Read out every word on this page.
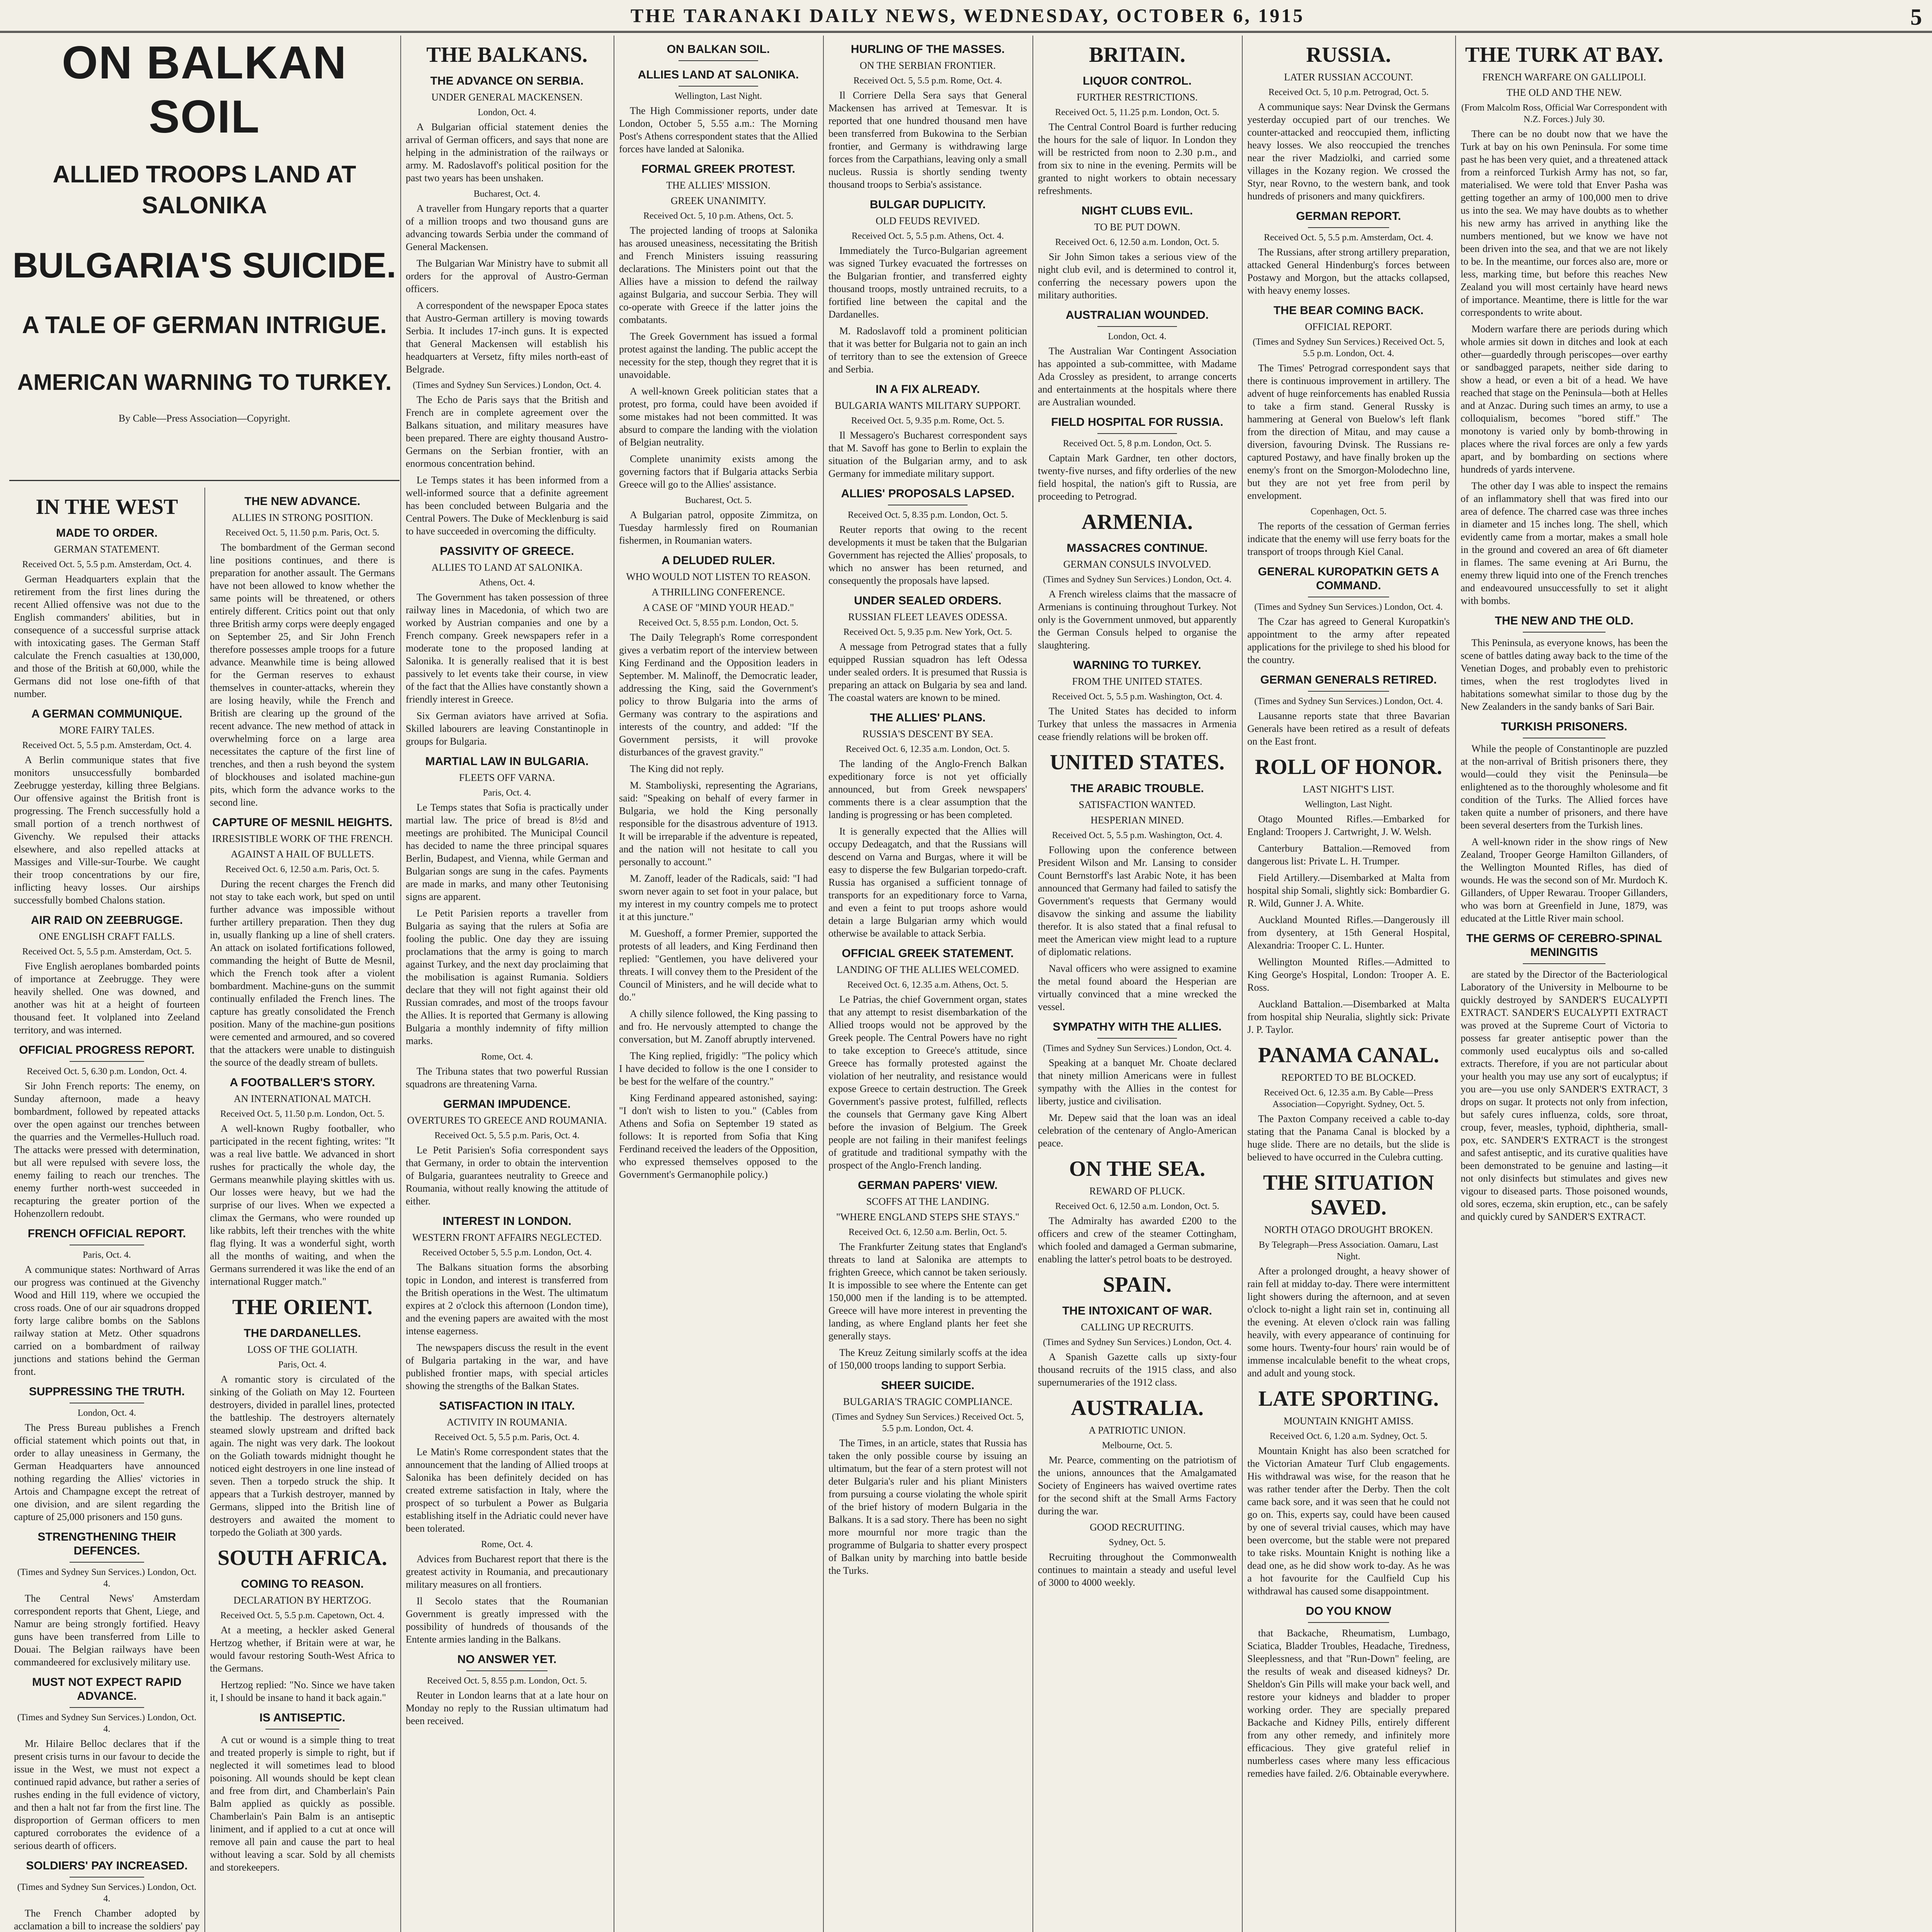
THE TARANAKI DAILY NEWS, WEDNESDAY, OCTOBER 6, 1915	5
ON BALKAN SOIL
ALLIED TROOPS LAND AT SALONIKA
BULGARIA'S SUICIDE.
A TALE OF GERMAN INTRIGUE.
AMERICAN WARNING TO TURKEY.
By Cable—Press Association—Copyright.
IN THE WEST
MADE TO ORDER.
GERMAN STATEMENT.
Received Oct. 5, 5.5 p.m. Amsterdam, Oct. 4.

German Headquarters explain that the retirement from the first lines during the recent Allied offensive was not due to the English commanders' abilities, but in consequence of a successful surprise attack with intoxicating gases. The German Staff calculate the French casualties at 130,000, and those of the British at 60,000, while the Germans did not lose one-fifth of that number.

A GERMAN COMMUNIQUE.
MORE FAIRY TALES.
Received Oct. 5, 5.5 p.m. Amsterdam, Oct. 4.

A Berlin communique states that five monitors unsuccessfully bombarded Zeebrugge yesterday, killing three Belgians. Our offensive against the British front is progressing. The French successfully hold a small portion of a trench northwest of Givenchy. We repulsed their attacks elsewhere, and also repelled attacks at Massiges and Ville-sur-Tourbe. We caught their troop concentrations by our fire, inflicting heavy losses. Our airships successfully bombed Chalons station.

AIR RAID ON ZEEBRUGGE.
ONE ENGLISH CRAFT FALLS.
Received Oct. 5, 5.5 p.m. Amsterdam, Oct. 5.

Five English aeroplanes bombarded points of importance at Zeebrugge. They were heavily shelled. One was downed, and another was hit at a height of fourteen thousand feet. It volplaned into Zeeland territory, and was interned.

OFFICIAL PROGRESS REPORT.
Received Oct. 5, 6.30 p.m. London, Oct. 4.

Sir John French reports: The enemy, on Sunday afternoon, made a heavy bombardment, followed by repeated attacks over the open against our trenches between the quarries and the Vermelles-Hulluch road. The attacks were pressed with determination, but all were repulsed with severe loss, the enemy failing to reach our trenches. The enemy further north-west succeeded in recapturing the greater portion of the Hohenzollern redoubt.

FRENCH OFFICIAL REPORT.
Paris, Oct. 4.

A communique states: Northward of Arras our progress was continued at the Givenchy Wood and Hill 119, where we occupied the cross roads. One of our air squadrons dropped forty large calibre bombs on the Sablons railway station at Metz. Other squadrons carried on a bombardment of railway junctions and stations behind the German front.

SUPPRESSING THE TRUTH.
London, Oct. 4.

The Press Bureau publishes a French official statement which points out that, in order to allay uneasiness in Germany, the German Headquarters have announced nothing regarding the Allies' victories in Artois and Champagne except the retreat of one division, and are silent regarding the capture of 25,000 prisoners and 150 guns.

STRENGTHENING THEIR DEFENCES.
(Times and Sydney Sun Services.) London, Oct. 4.

The Central News' Amsterdam correspondent reports that Ghent, Liege, and Namur are being strongly fortified. Heavy guns have been transferred from Lille to Douai. The Belgian railways have been commandeered for exclusively military use.

MUST NOT EXPECT RAPID ADVANCE.
(Times and Sydney Sun Services.) London, Oct. 4.

Mr. Hilaire Belloc declares that if the present crisis turns in our favour to decide the issue in the West, we must not expect a continued rapid advance, but rather a series of rushes ending in the full evidence of victory, and then a halt not far from the first line. The disproportion of German officers to men captured corroborates the evidence of a serious dearth of officers.

SOLDIERS' PAY INCREASED.
(Times and Sydney Sun Services.) London, Oct. 4.

The French Chamber adopted by acclamation a bill to increase the soldiers' pay

THE NEW ADVANCE.
ALLIES IN STRONG POSITION.
Received Oct. 5, 11.50 p.m. Paris, Oct. 5.

The bombardment of the German second line positions continues, and there is preparation for another assault. The Germans have not been allowed to know whether the same points will be threatened, or others entirely different. Critics point out that only three British army corps were deeply engaged on September 25, and Sir John French therefore possesses ample troops for a future advance. Meanwhile time is being allowed for the German reserves to exhaust themselves in counter-attacks, wherein they are losing heavily, while the French and British are clearing up the ground of the recent advance. The new method of attack in overwhelming force on a large area necessitates the capture of the first line of trenches, and then a rush beyond the system of blockhouses and isolated machine-gun pits, which form the advance works to the second line.

CAPTURE OF MESNIL HEIGHTS.
IRRESISTIBLE WORK OF THE FRENCH.
AGAINST A HAIL OF BULLETS.
Received Oct. 6, 12.50 a.m. Paris, Oct. 5.

During the recent charges the French did not stay to take each work, but sped on until further advance was impossible without further artillery preparation. Then they dug in, usually flanking up a line of shell craters. An attack on isolated fortifications followed, commanding the height of Butte de Mesnil, which the French took after a violent bombardment. Machine-guns on the summit continually enfiladed the French lines. The capture has greatly consolidated the French position. Many of the machine-gun positions were cemented and armoured, and so covered that the attackers were unable to distinguish the source of the deadly stream of bullets.

A FOOTBALLER'S STORY.
AN INTERNATIONAL MATCH.
Received Oct. 5, 11.50 p.m. London, Oct. 5.

A well-known Rugby footballer, who participated in the recent fighting, writes: "It was a real live battle. We advanced in short rushes for practically the whole day, the Germans meanwhile playing skittles with us. Our losses were heavy, but we had the surprise of our lives. When we expected a climax the Germans, who were rounded up like rabbits, left their trenches with the white flag flying. It was a wonderful sight, worth all the months of waiting, and when the Germans surrendered it was like the end of an international Rugger match."

THE ORIENT.
THE DARDANELLES.
LOSS OF THE GOLIATH.
Paris, Oct. 4.

A romantic story is circulated of the sinking of the Goliath on May 12. Fourteen destroyers, divided in parallel lines, protected the battleship. The destroyers alternately steamed slowly upstream and drifted back again. The night was very dark. The lookout on the Goliath towards midnight thought he noticed eight destroyers in one line instead of seven. Then a torpedo struck the ship. It appears that a Turkish destroyer, manned by Germans, slipped into the British line of destroyers and awaited the moment to torpedo the Goliath at 300 yards.

SOUTH AFRICA.
COMING TO REASON.
DECLARATION BY HERTZOG.
Received Oct. 5, 5.5 p.m. Capetown, Oct. 4.

At a meeting, a heckler asked General Hertzog whether, if Britain were at war, he would favour restoring South-West Africa to the Germans.

Hertzog replied: "No. Since we have taken it, I should be insane to hand it back again."

IS ANTISEPTIC.

A cut or wound is a simple thing to treat and treated properly is simple to right, but if neglected it will sometimes lead to blood poisoning. All wounds should be kept clean and free from dirt, and Chamberlain's Pain Balm applied as quickly as possible. Chamberlain's Pain Balm is an antiseptic liniment, and if applied to a cut at once will remove all pain and cause the part to heal without leaving a scar. Sold by all chemists and storekeepers.

THE BALKANS.
THE ADVANCE ON SERBIA.
UNDER GENERAL MACKENSEN.
London, Oct. 4.

A Bulgarian official statement denies the arrival of German officers, and says that none are helping in the administration of the railways or army. M. Radoslavoff's political position for the past two years has been unshaken.

Bucharest, Oct. 4.

A traveller from Hungary reports that a quarter of a million troops and two thousand guns are advancing towards Serbia under the command of General Mackensen.

The Bulgarian War Ministry have to submit all orders for the approval of Austro-German officers.

A correspondent of the newspaper Epoca states that Austro-German artillery is moving towards Serbia. It includes 17-inch guns. It is expected that General Mackensen will establish his headquarters at Versetz, fifty miles north-east of Belgrade.

(Times and Sydney Sun Services.) London, Oct. 4.

The Echo de Paris says that the British and French are in complete agreement over the Balkans situation, and military measures have been prepared. There are eighty thousand Austro-Germans on the Serbian frontier, with an enormous concentration behind.

Le Temps states it has been informed from a well-informed source that a definite agreement has been concluded between Bulgaria and the Central Powers. The Duke of Mecklenburg is said to have succeeded in overcoming the difficulty.

PASSIVITY OF GREECE.
ALLIES TO LAND AT SALONIKA.
Athens, Oct. 4.

The Government has taken possession of three railway lines in Macedonia, of which two are worked by Austrian companies and one by a French company. Greek newspapers refer in a moderate tone to the proposed landing at Salonika. It is generally realised that it is best passively to let events take their course, in view of the fact that the Allies have constantly shown a friendly interest in Greece.

Six German aviators have arrived at Sofia. Skilled labourers are leaving Constantinople in groups for Bulgaria.

MARTIAL LAW IN BULGARIA.
FLEETS OFF VARNA.
Paris, Oct. 4.

Le Temps states that Sofia is practically under martial law. The price of bread is 8½d and meetings are prohibited. The Municipal Council has decided to name the three principal squares Berlin, Budapest, and Vienna, while German and Bulgarian songs are sung in the cafes. Payments are made in marks, and many other Teutonising signs are apparent.

Le Petit Parisien reports a traveller from Bulgaria as saying that the rulers at Sofia are fooling the public. One day they are issuing proclamations that the army is going to march against Turkey, and the next day proclaiming that the mobilisation is against Rumania. Soldiers declare that they will not fight against their old Russian comrades, and most of the troops favour the Allies. It is reported that Germany is allowing Bulgaria a monthly indemnity of fifty million marks.

Rome, Oct. 4.

The Tribuna states that two powerful Russian squadrons are threatening Varna.

GERMAN IMPUDENCE.
OVERTURES TO GREECE AND ROUMANIA.
Received Oct. 5, 5.5 p.m. Paris, Oct. 4.

Le Petit Parisien's Sofia correspondent says that Germany, in order to obtain the intervention of Bulgaria, guarantees neutrality to Greece and Roumania, without really knowing the attitude of either.

INTEREST IN LONDON.
WESTERN FRONT AFFAIRS NEGLECTED.
Received October 5, 5.5 p.m. London, Oct. 4.

The Balkans situation forms the absorbing topic in London, and interest is transferred from the British operations in the West. The ultimatum expires at 2 o'clock this afternoon (London time), and the evening papers are awaited with the most intense eagerness.

The newspapers discuss the result in the event of Bulgaria partaking in the war, and have published frontier maps, with special articles showing the strengths of the Balkan States.

SATISFACTION IN ITALY.
ACTIVITY IN ROUMANIA.
Received Oct. 5, 5.5 p.m. Paris, Oct. 4.

Le Matin's Rome correspondent states that the announcement that the landing of Allied troops at Salonika has been definitely decided on has created extreme satisfaction in Italy, where the prospect of so turbulent a Power as Bulgaria establishing itself in the Adriatic could never have been tolerated.

Rome, Oct. 4.

Advices from Bucharest report that there is the greatest activity in Roumania, and precautionary military measures on all frontiers.

Il Secolo states that the Roumanian Government is greatly impressed with the possibility of hundreds of thousands of the Entente armies landing in the Balkans.

NO ANSWER YET.
Received Oct. 5, 8.55 p.m. London, Oct. 5.

Reuter in London learns that at a late hour on Monday no reply to the Russian ultimatum had been received.

ON BALKAN SOIL.
ALLIES LAND AT SALONIKA.
Wellington, Last Night.

The High Commissioner reports, under date London, October 5, 5.55 a.m.: The Morning Post's Athens correspondent states that the Allied forces have landed at Salonika.

FORMAL GREEK PROTEST.
THE ALLIES' MISSION.
GREEK UNANIMITY.
Received Oct. 5, 10 p.m. Athens, Oct. 5.

The projected landing of troops at Salonika has aroused uneasiness, necessitating the British and French Ministers issuing reassuring declarations. The Ministers point out that the Allies have a mission to defend the railway against Bulgaria, and succour Serbia. They will co-operate with Greece if the latter joins the combatants.

The Greek Government has issued a formal protest against the landing. The public accept the necessity for the step, though they regret that it is unavoidable.

A well-known Greek politician states that a protest, pro forma, could have been avoided if some mistakes had not been committed. It was absurd to compare the landing with the violation of Belgian neutrality.

Complete unanimity exists among the governing factors that if Bulgaria attacks Serbia Greece will go to the Allies' assistance.

Bucharest, Oct. 5.

A Bulgarian patrol, opposite Zimmitza, on Tuesday harmlessly fired on Roumanian fishermen, in Roumanian waters.

A DELUDED RULER.
WHO WOULD NOT LISTEN TO REASON.
A THRILLING CONFERENCE.
A CASE OF "MIND YOUR HEAD."
Received Oct. 5, 8.55 p.m. London, Oct. 5.

The Daily Telegraph's Rome correspondent gives a verbatim report of the interview between King Ferdinand and the Opposition leaders in September. M. Malinoff, the Democratic leader, addressing the King, said the Government's policy to throw Bulgaria into the arms of Germany was contrary to the aspirations and interests of the country, and added: "If the Government persists, it will provoke disturbances of the gravest gravity."

The King did not reply.

M. Stamboliyski, representing the Agrarians, said: "Speaking on behalf of every farmer in Bulgaria, we hold the King personally responsible for the disastrous adventure of 1913. It will be irreparable if the adventure is repeated, and the nation will not hesitate to call you personally to account."

M. Zanoff, leader of the Radicals, said: "I had sworn never again to set foot in your palace, but my interest in my country compels me to protect it at this juncture."

M. Gueshoff, a former Premier, supported the protests of all leaders, and King Ferdinand then replied: "Gentlemen, you have delivered your threats. I will convey them to the President of the Council of Ministers, and he will decide what to do."

A chilly silence followed, the King passing to and fro. He nervously attempted to change the conversation, but M. Zanoff abruptly intervened.

The King replied, frigidly: "The policy which I have decided to follow is the one I consider to be best for the welfare of the country."

King Ferdinand appeared astonished, saying: "I don't wish to listen to you." (Cables from Athens and Sofia on September 19 stated as follows: It is reported from Sofia that King Ferdinand received the leaders of the Opposition, who expressed themselves opposed to the Government's Germanophile policy.)

HURLING OF THE MASSES.
ON THE SERBIAN FRONTIER.
Received Oct. 5, 5.5 p.m. Rome, Oct. 4.

Il Corriere Della Sera says that General Mackensen has arrived at Temesvar. It is reported that one hundred thousand men have been transferred from Bukowina to the Serbian frontier, and Germany is withdrawing large forces from the Carpathians, leaving only a small nucleus. Russia is shortly sending twenty thousand troops to Serbia's assistance.

BULGAR DUPLICITY.
OLD FEUDS REVIVED.
Received Oct. 5, 5.5 p.m. Athens, Oct. 4.

Immediately the Turco-Bulgarian agreement was signed Turkey evacuated the fortresses on the Bulgarian frontier, and transferred eighty thousand troops, mostly untrained recruits, to a fortified line between the capital and the Dardanelles.

M. Radoslavoff told a prominent politician that it was better for Bulgaria not to gain an inch of territory than to see the extension of Greece and Serbia.

IN A FIX ALREADY.
BULGARIA WANTS MILITARY SUPPORT.
Received Oct. 5, 9.35 p.m. Rome, Oct. 5.

Il Messagero's Bucharest correspondent says that M. Savoff has gone to Berlin to explain the situation of the Bulgarian army, and to ask Germany for immediate military support.

ALLIES' PROPOSALS LAPSED.
Received Oct. 5, 8.35 p.m. London, Oct. 5.

Reuter reports that owing to the recent developments it must be taken that the Bulgarian Government has rejected the Allies' proposals, to which no answer has been returned, and consequently the proposals have lapsed.

UNDER SEALED ORDERS.
RUSSIAN FLEET LEAVES ODESSA.
Received Oct. 5, 9.35 p.m. New York, Oct. 5.

A message from Petrograd states that a fully equipped Russian squadron has left Odessa under sealed orders. It is presumed that Russia is preparing an attack on Bulgaria by sea and land. The coastal waters are known to be mined.

THE ALLIES' PLANS.
RUSSIA'S DESCENT BY SEA.
Received Oct. 6, 12.35 a.m. London, Oct. 5.

The landing of the Anglo-French Balkan expeditionary force is not yet officially announced, but from Greek newspapers' comments there is a clear assumption that the landing is progressing or has been completed.

It is generally expected that the Allies will occupy Dedeagatch, and that the Russians will descend on Varna and Burgas, where it will be easy to disperse the few Bulgarian torpedo-craft. Russia has organised a sufficient tonnage of transports for an expeditionary force to Varna, and even a feint to put troops ashore would detain a large Bulgarian army which would otherwise be available to attack Serbia.

OFFICIAL GREEK STATEMENT.
LANDING OF THE ALLIES WELCOMED.
Received Oct. 6, 12.35 a.m. Athens, Oct. 5.

Le Patrias, the chief Government organ, states that any attempt to resist disembarkation of the Allied troops would not be approved by the Greek people. The Central Powers have no right to take exception to Greece's attitude, since Greece has formally protested against the violation of her neutrality, and resistance would expose Greece to certain destruction. The Greek Government's passive protest, fulfilled, reflects the counsels that Germany gave King Albert before the invasion of Belgium. The Greek people are not failing in their manifest feelings of gratitude and traditional sympathy with the prospect of the Anglo-French landing.

GERMAN PAPERS' VIEW.
SCOFFS AT THE LANDING.
"WHERE ENGLAND STEPS SHE STAYS."
Received Oct. 6, 12.50 a.m. Berlin, Oct. 5.

The Frankfurter Zeitung states that England's threats to land at Salonika are attempts to frighten Greece, which cannot be taken seriously. It is impossible to see where the Entente can get 150,000 men if the landing is to be attempted. Greece will have more interest in preventing the landing, as where England plants her feet she generally stays.

The Kreuz Zeitung similarly scoffs at the idea of 150,000 troops landing to support Serbia.

SHEER SUICIDE.
BULGARIA'S TRAGIC COMPLIANCE.
(Times and Sydney Sun Services.) Received Oct. 5, 5.5 p.m. London, Oct. 4.

The Times, in an article, states that Russia has taken the only possible course by issuing an ultimatum, but the fear of a stern protest will not deter Bulgaria's ruler and his pliant Ministers from pursuing a course violating the whole spirit of the brief history of modern Bulgaria in the Balkans. It is a sad story. There has been no sight more mournful nor more tragic than the programme of Bulgaria to shatter every prospect of Balkan unity by marching into battle beside the Turks.

BRITAIN.
LIQUOR CONTROL.
FURTHER RESTRICTIONS.
Received Oct. 5, 11.25 p.m. London, Oct. 5.

The Central Control Board is further reducing the hours for the sale of liquor. In London they will be restricted from noon to 2.30 p.m., and from six to nine in the evening. Permits will be granted to night workers to obtain necessary refreshments.

NIGHT CLUBS EVIL.
TO BE PUT DOWN.
Received Oct. 6, 12.50 a.m. London, Oct. 5.

Sir John Simon takes a serious view of the night club evil, and is determined to control it, conferring the necessary powers upon the military authorities.

AUSTRALIAN WOUNDED.
London, Oct. 4.

The Australian War Contingent Association has appointed a sub-committee, with Madame Ada Crossley as president, to arrange concerts and entertainments at the hospitals where there are Australian wounded.

FIELD HOSPITAL FOR RUSSIA.
Received Oct. 5, 8 p.m. London, Oct. 5.

Captain Mark Gardner, ten other doctors, twenty-five nurses, and fifty orderlies of the new field hospital, the nation's gift to Russia, are proceeding to Petrograd.

ARMENIA.
MASSACRES CONTINUE.
GERMAN CONSULS INVOLVED.
(Times and Sydney Sun Services.) London, Oct. 4.

A French wireless claims that the massacre of Armenians is continuing throughout Turkey. Not only is the Government unmoved, but apparently the German Consuls helped to organise the slaughtering.

WARNING TO TURKEY.
FROM THE UNITED STATES.
Received Oct. 5, 5.5 p.m. Washington, Oct. 4.

The United States has decided to inform Turkey that unless the massacres in Armenia cease friendly relations will be broken off.

UNITED STATES.
THE ARABIC TROUBLE.
SATISFACTION WANTED.
HESPERIAN MINED.
Received Oct. 5, 5.5 p.m. Washington, Oct. 4.

Following upon the conference between President Wilson and Mr. Lansing to consider Count Bernstorff's last Arabic Note, it has been announced that Germany had failed to satisfy the Government's requests that Germany would disavow the sinking and assume the liability therefor. It is also stated that a final refusal to meet the American view might lead to a rupture of diplomatic relations.

Naval officers who were assigned to examine the metal found aboard the Hesperian are virtually convinced that a mine wrecked the vessel.

SYMPATHY WITH THE ALLIES.
(Times and Sydney Sun Services.) London, Oct. 4.

Speaking at a banquet Mr. Choate declared that ninety million Americans were in fullest sympathy with the Allies in the contest for liberty, justice and civilisation.

Mr. Depew said that the loan was an ideal celebration of the centenary of Anglo-American peace.

ON THE SEA.
REWARD OF PLUCK.
Received Oct. 6, 12.50 a.m. London, Oct. 5.

The Admiralty has awarded £200 to the officers and crew of the steamer Cottingham, which fooled and damaged a German submarine, enabling the latter's petrol boats to be destroyed.

SPAIN.
THE INTOXICANT OF WAR.
CALLING UP RECRUITS.
(Times and Sydney Sun Services.) London, Oct. 4.

A Spanish Gazette calls up sixty-four thousand recruits of the 1915 class, and also supernumeraries of the 1912 class.

AUSTRALIA.
A PATRIOTIC UNION.
Melbourne, Oct. 5.

Mr. Pearce, commenting on the patriotism of the unions, announces that the Amalgamated Society of Engineers has waived overtime rates for the second shift at the Small Arms Factory during the war.

GOOD RECRUITING.
Sydney, Oct. 5.

Recruiting throughout the Commonwealth continues to maintain a steady and useful level of 3000 to 4000 weekly.

RUSSIA.
LATER RUSSIAN ACCOUNT.
Received Oct. 5, 10 p.m. Petrograd, Oct. 5.

A communique says: Near Dvinsk the Germans yesterday occupied part of our trenches. We counter-attacked and reoccupied them, inflicting heavy losses. We also reoccupied the trenches near the river Madziolki, and carried some villages in the Kozany region. We crossed the Styr, near Rovno, to the western bank, and took hundreds of prisoners and many quickfirers.

GERMAN REPORT.
Received Oct. 5, 5.5 p.m. Amsterdam, Oct. 4.

The Russians, after strong artillery preparation, attacked General Hindenburg's forces between Postawy and Morgon, but the attacks collapsed, with heavy enemy losses.

THE BEAR COMING BACK.
OFFICIAL REPORT.
(Times and Sydney Sun Services.) Received Oct. 5, 5.5 p.m. London, Oct. 4.

The Times' Petrograd correspondent says that there is continuous improvement in artillery. The advent of huge reinforcements has enabled Russia to take a firm stand. General Russky is hammering at General von Buelow's left flank from the direction of Mitau, and may cause a diversion, favouring Dvinsk. The Russians re-captured Postawy, and have finally broken up the enemy's front on the Smorgon-Molodechno line, but they are not yet free from peril by envelopment.

Copenhagen, Oct. 5.

The reports of the cessation of German ferries indicate that the enemy will use ferry boats for the transport of troops through Kiel Canal.

GENERAL KUROPATKIN GETS A COMMAND.
(Times and Sydney Sun Services.) London, Oct. 4.

The Czar has agreed to General Kuropatkin's appointment to the army after repeated applications for the privilege to shed his blood for the country.

GERMAN GENERALS RETIRED.
(Times and Sydney Sun Services.) London, Oct. 4.

Lausanne reports state that three Bavarian Generals have been retired as a result of defeats on the East front.

ROLL OF HONOR.
LAST NIGHT'S LIST.
Wellington, Last Night.

Otago Mounted Rifles.—Embarked for England: Troopers J. Cartwright, J. W. Welsh.

Canterbury Battalion.—Removed from dangerous list: Private L. H. Trumper.

Field Artillery.—Disembarked at Malta from hospital ship Somali, slightly sick: Bombardier G. R. Wild, Gunner J. A. White.

Auckland Mounted Rifles.—Dangerously ill from dysentery, at 15th General Hospital, Alexandria: Trooper C. L. Hunter.

Wellington Mounted Rifles.—Admitted to King George's Hospital, London: Trooper A. E. Ross.

Auckland Battalion.—Disembarked at Malta from hospital ship Neuralia, slightly sick: Private J. P. Taylor.

PANAMA CANAL.
REPORTED TO BE BLOCKED.
Received Oct. 6, 12.35 a.m. By Cable—Press Association—Copyright. Sydney, Oct. 5.

The Paxton Company received a cable to-day stating that the Panama Canal is blocked by a huge slide. There are no details, but the slide is believed to have occurred in the Culebra cutting.

THE SITUATION SAVED.
NORTH OTAGO DROUGHT BROKEN.
By Telegraph—Press Association. Oamaru, Last Night.

After a prolonged drought, a heavy shower of rain fell at midday to-day. There were intermittent light showers during the afternoon, and at seven o'clock to-night a light rain set in, continuing all the evening. At eleven o'clock rain was falling heavily, with every appearance of continuing for some hours. Twenty-four hours' rain would be of immense incalculable benefit to the wheat crops, and adult and young stock.

LATE SPORTING.
MOUNTAIN KNIGHT AMISS.
Received Oct. 6, 1.20 a.m. Sydney, Oct. 5.

Mountain Knight has also been scratched for the Victorian Amateur Turf Club engagements. His withdrawal was wise, for the reason that he was rather tender after the Derby. Then the colt came back sore, and it was seen that he could not go on. This, experts say, could have been caused by one of several trivial causes, which may have been overcome, but the stable were not prepared to take risks. Mountain Knight is nothing like a dead one, as he did show work to-day. As he was a hot favourite for the Caulfield Cup his withdrawal has caused some disappointment.

DO YOU KNOW

that Backache, Rheumatism, Lumbago, Sciatica, Bladder Troubles, Headache, Tiredness, Sleeplessness, and that "Run-Down" feeling, are the results of weak and diseased kidneys? Dr. Sheldon's Gin Pills will make your back well, and restore your kidneys and bladder to proper working order. They are specially prepared Backache and Kidney Pills, entirely different from any other remedy, and infinitely more efficacious. They give grateful relief in numberless cases where many less efficacious remedies have failed. 2/6. Obtainable everywhere.

THE TURK AT BAY.
FRENCH WARFARE ON GALLIPOLI.
THE OLD AND THE NEW.
(From Malcolm Ross, Official War Correspondent with N.Z. Forces.) July 30.

There can be no doubt now that we have the Turk at bay on his own Peninsula. For some time past he has been very quiet, and a threatened attack from a reinforced Turkish Army has not, so far, materialised. We were told that Enver Pasha was getting together an army of 100,000 men to drive us into the sea. We may have doubts as to whether his new army has arrived in anything like the numbers mentioned, but we know we have not been driven into the sea, and that we are not likely to be. In the meantime, our forces also are, more or less, marking time, but before this reaches New Zealand you will most certainly have heard news of importance. Meantime, there is little for the war correspondents to write about.

Modern warfare there are periods during which whole armies sit down in ditches and look at each other—guardedly through periscopes—over earthy or sandbagged parapets, neither side daring to show a head, or even a bit of a head. We have reached that stage on the Peninsula—both at Helles and at Anzac. During such times an army, to use a colloquialism, becomes "bored stiff." The monotony is varied only by bomb-throwing in places where the rival forces are only a few yards apart, and by bombarding on sections where hundreds of yards intervene.

The other day I was able to inspect the remains of an inflammatory shell that was fired into our area of defence. The charred case was three inches in diameter and 15 inches long. The shell, which evidently came from a mortar, makes a small hole in the ground and covered an area of 6ft diameter in flames. The same evening at Ari Burnu, the enemy threw liquid into one of the French trenches and endeavoured unsuccessfully to set it alight with bombs.

THE NEW AND THE OLD.

This Peninsula, as everyone knows, has been the scene of battles dating away back to the time of the Venetian Doges, and probably even to prehistoric times, when the rest troglodytes lived in habitations somewhat similar to those dug by the New Zealanders in the sandy banks of Sari Bair.

TURKISH PRISONERS.

While the people of Constantinople are puzzled at the non-arrival of British prisoners there, they would—could they visit the Peninsula—be enlightened as to the thoroughly wholesome and fit condition of the Turks. The Allied forces have taken quite a number of prisoners, and there have been several deserters from the Turkish lines.

A well-known rider in the show rings of New Zealand, Trooper George Hamilton Gillanders, of the Wellington Mounted Rifles, has died of wounds. He was the second son of Mr. Murdoch K. Gillanders, of Upper Rewarau. Trooper Gillanders, who was born at Greenfield in June, 1879, was educated at the Little River main school.

THE GERMS OF CEREBRO-SPINAL MENINGITIS

are stated by the Director of the Bacteriological Laboratory of the University in Melbourne to be quickly destroyed by SANDER'S EUCALYPTI EXTRACT. SANDER'S EUCALYPTI EXTRACT was proved at the Supreme Court of Victoria to possess far greater antiseptic power than the commonly used eucalyptus oils and so-called extracts. Therefore, if you are not particular about your health you may use any sort of eucalyptus; if you are—you use only SANDER'S EXTRACT, 3 drops on sugar. It protects not only from infection, but safely cures influenza, colds, sore throat, croup, fever, measles, typhoid, diphtheria, small-pox, etc. SANDER'S EXTRACT is the strongest and safest antiseptic, and its curative qualities have been demonstrated to be genuine and lasting—it not only disinfects but stimulates and gives new vigour to diseased parts. Those poisoned wounds, old sores, eczema, skin eruption, etc., can be safely and quickly cured by SANDER'S EXTRACT.
